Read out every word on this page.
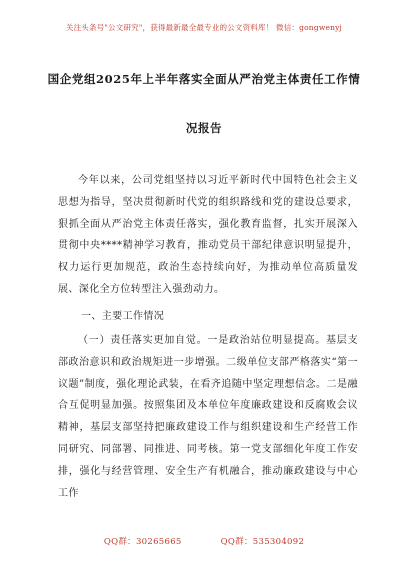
关注头条号"公文研究"，获得最新最全最专业的公文资料库！ 微信：gongwenyj
国企党组2025年上半年落实全面从严治党主体责任工作情
况报告

今年以来，公司党组坚持以习近平新时代中国特色社会主义思想为指导，坚决贯彻新时代党的组织路线和党的建设总要求，狠抓全面从严治党主体责任落实，强化教育监督，扎实开展深入贯彻中央****精神学习教育，推动党员干部纪律意识明显提升，权力运行更加规范，政治生态持续向好，为推动单位高质量发展、深化全方位转型注入强劲动力。

一、主要工作情况

（一）责任落实更加自觉。一是政治站位明显提高。基层支部政治意识和政治规矩进一步增强。二级单位支部严格落实“第一议题”制度，强化理论武装，在看齐追随中坚定理想信念。二是融合互促明显加强。按照集团及本单位年度廉政建设和反腐败会议精神，基层支部坚持把廉政建设工作与组织建设和生产经营工作同研究、同部署、同推进、同考核。第一党支部细化年度工作安排，强化与经营管理、安全生产有机融合，推动廉政建设与中心工作

QQ群：30265665	QQ群：535304092
